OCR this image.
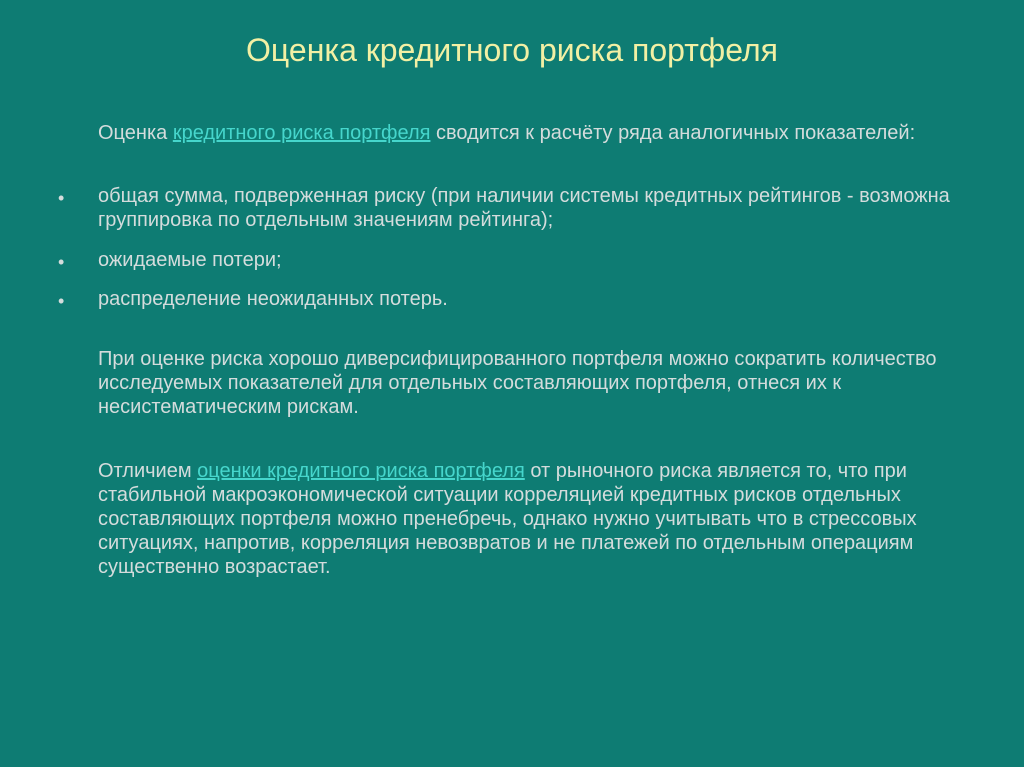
Оценка кредитного риска портфеля

Оценка кредитного риска портфеля сводится к расчёту ряда аналогичных показателей:

• общая сумма, подверженная риску (при наличии системы кредитных рейтингов - возможна группировка по отдельным значениям рейтинга);

• ожидаемые потери;

• распределение неожиданных потерь.

При оценке риска хорошо диверсифицированного портфеля можно сократить количество исследуемых показателей для отдельных составляющих портфеля, отнеся их к несистематическим рискам.

Отличием оценки кредитного риска портфеля от рыночного риска является то, что при стабильной макроэкономической ситуации корреляцией кредитных рисков отдельных составляющих портфеля можно пренебречь, однако нужно учитывать что в стрессовых ситуациях, напротив, корреляция невозвратов и не платежей по отдельным операциям существенно возрастает.
